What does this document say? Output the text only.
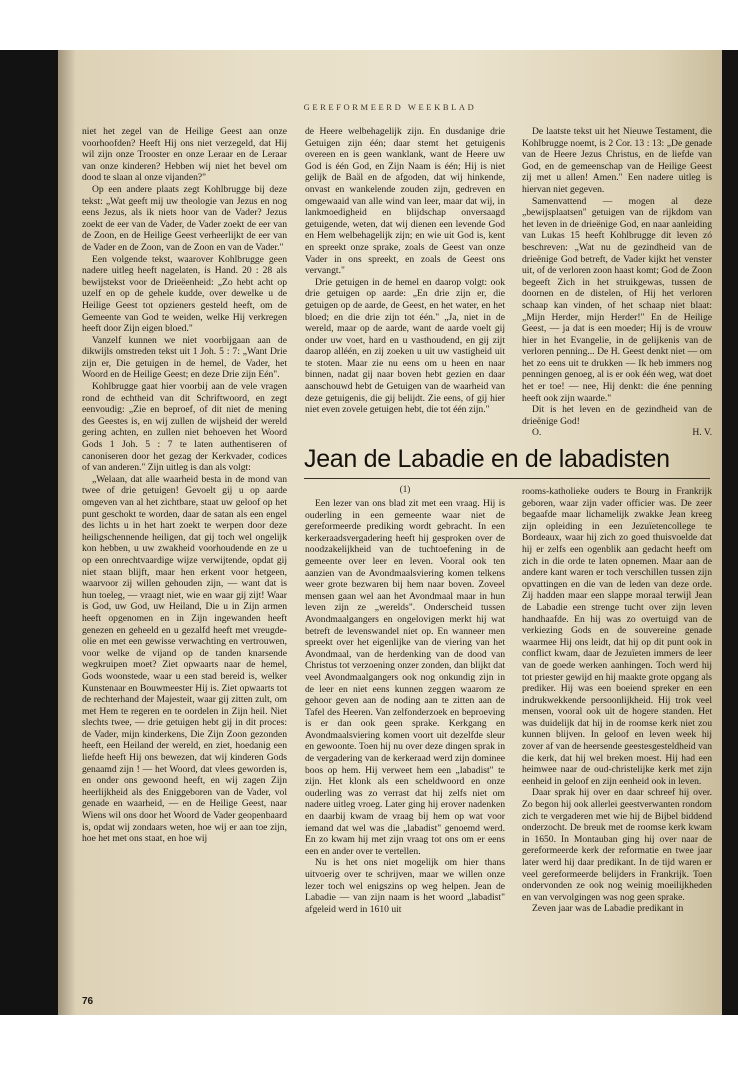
GEREFORMEERD WEEKBLAD

niet het zegel van de Heilige Geest aan onze voorhoofden? Heeft Hij ons niet verzegeld, dat Hij wil zijn onze Trooster en onze Leraar en de Leraar van onze kinderen? Hebben wij niet het bevel om dood te slaan al onze vijanden?"

Op een andere plaats zegt Kohlbrugge bij deze tekst: „Wat geeft mij uw theologie van Jezus en nog eens Jezus, als ik niets hoor van de Vader? Jezus zoekt de eer van de Vader, de Vader zoekt de eer van de Zoon, en de Heilige Geest verheerlijkt de eer van de Vader en de Zoon, van de Zoon en van de Vader."

Een volgende tekst, waarover Kohlbrugge geen nadere uitleg heeft nagelaten, is Hand. 20 : 28 als bewijstekst voor de Drieëenheid: „Zo hebt acht op uzelf en op de gehele kudde, over dewelke u de Heilige Geest tot opzieners gesteld heeft, om de Gemeente van God te weiden, welke Hij verkregen heeft door Zijn eigen bloed."

Vanzelf kunnen we niet voorbijgaan aan de dikwijls omstreden tekst uit 1 Joh. 5 : 7: „Want Drie zijn er, Die getuigen in de hemel, de Vader, het Woord en de Heilige Geest; en deze Drie zijn Eén".

Kohlbrugge gaat hier voorbij aan de vele vragen rond de echtheid van dit Schriftwoord, en zegt eenvoudig: „Zie en beproef, of dit niet de mening des Geestes is, en wij zullen de wijsheid der wereld gering achten, en zullen niet behoeven het Woord Gods 1 Joh. 5 : 7 te laten authentiseren of canoniseren door het gezag der Kerkvader, codices of van anderen." Zijn uitleg is dan als volgt:

„Welaan, dat alle waarheid besta in de mond van twee of drie getuigen! Gevoelt gij u op aarde omgeven van al het zichtbare, staat uw geloof op het punt geschokt te worden, daar de satan als een engel des lichts u in het hart zoekt te werpen door deze heiligschennende heiligen, dat gij toch wel ongelijk kon hebben, u uw zwakheid voorhoudende en ze u op een onrechtvaardige wijze verwijtende, opdat gij niet staan blijft, maar hen erkent voor hetgeen, waarvoor zij willen gehouden zijn, — want dat is hun toeleg, — vraagt niet, wie en waar gij zijt! Waar is God, uw God, uw Heiland, Die u in Zijn armen heeft opgenomen en in Zijn ingewanden heeft genezen en geheeld en u gezalfd heeft met vreugde-olie en met een gewisse verwachting en vertrouwen, voor welke de vijand op de tanden knarsende wegkruipen moet? Ziet opwaarts naar de hemel, Gods woonstede, waar u een stad bereid is, welker Kunstenaar en Bouwmeester Hij is. Ziet opwaarts tot de rechterhand der Majesteit, waar gij zitten zult, om met Hem te regeren en te oordelen in Zijn heil. Niet slechts twee, — drie getuigen hebt gij in dit proces: de Vader, mijn kinderkens, Die Zijn Zoon gezonden heeft, een Heiland der wereld, en ziet, hoedanig een liefde heeft Hij ons bewezen, dat wij kinderen Gods genaamd zijn ! — het Woord, dat vlees geworden is, en onder ons gewoond heeft, en wij zagen Zijn heerlijkheid als des Eniggeboren van de Vader, vol genade en waarheid, — en de Heilige Geest, naar Wiens wil ons door het Woord de Vader geopenbaard is, opdat wij zondaars weten, hoe wij er aan toe zijn, hoe het met ons staat, en hoe wij

de Heere welbehagelijk zijn. En dusdanige drie Getuigen zijn één; daar stemt het getuigenis overeen en is geen wanklank, want de Heere uw God is één God, en Zijn Naam is één; Hij is niet gelijk de Baäl en de afgoden, dat wij hinkende, onvast en wankelende zouden zijn, gedreven en omgewaaid van alle wind van leer, maar dat wij, in lankmoedigheid en blijdschap onversaagd getuigende, weten, dat wij dienen een levende God en Hem welbehagelijk zijn; en wie uit God is, kent en spreekt onze sprake, zoals de Geest van onze Vader in ons spreekt, en zoals de Geest ons vervangt."

Drie getuigen in de hemel en daarop volgt: ook drie getuigen op aarde: „En drie zijn er, die getuigen op de aarde, de Geest, en het water, en het bloed; en die drie zijn tot één." „Ja, niet in de wereld, maar op de aarde, want de aarde voelt gij onder uw voet, hard en u vasthoudend, en gij zijt daarop alléén, en zij zoeken u uit uw vastigheid uit te stoten. Maar zie nu eens om u heen en naar binnen, nadat gij naar boven hebt gezien en daar aanschouwd hebt de Getuigen van de waarheid van deze getuigenis, die gij belijdt. Zie eens, of gij hier niet even zovele getuigen hebt, die tot één zijn."

De laatste tekst uit het Nieuwe Testament, die Kohlbrugge noemt, is 2 Cor. 13 : 13: „De genade van de Heere Jezus Christus, en de liefde van God, en de gemeenschap van de Heilige Geest zij met u allen! Amen." Een nadere uitleg is hiervan niet gegeven.

Samenvattend — mogen al deze „bewijsplaatsen" getuigen van de rijkdom van het leven in de drieënige God, en naar aanleiding van Lukas 15 heeft Kohlbrugge dit leven zó beschreven: „Wat nu de gezindheid van de drieënige God betreft, de Vader kijkt het venster uit, of de verloren zoon haast komt; God de Zoon begeeft Zich in het struikgewas, tussen de doornen en de distelen, of Hij het verloren schaap kan vinden, of het schaap niet blaat: „Mijn Herder, mijn Herder!" En de Heilige Geest, — ja dat is een moeder; Hij is de vrouw hier in het Evangelie, in de gelijkenis van de verloren penning... De H. Geest denkt niet — om het zo eens uit te drukken — Ik heb immers nog penningen genoeg, al is er ook één weg, wat doet het er toe! — nee, Hij denkt: die éne penning heeft ook zijn waarde."

Dit is het leven en de gezindheid van de drieënige God!

O.	H. V.

Jean de Labadie en de labadisten
(1)

Een lezer van ons blad zit met een vraag. Hij is ouderling in een gemeente waar niet de gereformeerde prediking wordt gebracht. In een kerkeraadsvergadering heeft hij gesproken over de noodzakelijkheid van de tuchtoefening in de gemeente over leer en leven. Vooral ook ten aanzien van de Avondmaalsviering komen telkens weer grote bezwaren bij hem naar boven. Zoveel mensen gaan wel aan het Avondmaal maar in hun leven zijn ze „werelds". Onderscheid tussen Avondmaalgangers en ongelovigen merkt hij wat betreft de levenswandel niet op. En wanneer men spreekt over het eigenlijke van de viering van het Avondmaal, van de herdenking van de dood van Christus tot verzoening onzer zonden, dan blijkt dat veel Avondmaalgangers ook nog onkundig zijn in de leer en niet eens kunnen zeggen waarom ze gehoor geven aan de noding aan te zitten aan de Tafel des Heeren. Van zelfonderzoek en beproeving is er dan ook geen sprake. Kerkgang en Avondmaalsviering komen voort uit dezelfde sleur en gewoonte. Toen hij nu over deze dingen sprak in de vergadering van de kerkeraad werd zijn dominee boos op hem. Hij verweet hem een „labadist" te zijn. Het klonk als een scheldwoord en onze ouderling was zo verrast dat hij zelfs niet om nadere uitleg vroeg. Later ging hij erover nadenken en daarbij kwam de vraag bij hem op wat voor iemand dat wel was die „labadist" genoemd werd. En zo kwam hij met zijn vraag tot ons om er eens een en ander over te vertellen.

Nu is het ons niet mogelijk om hier thans uitvoerig over te schrijven, maar we willen onze lezer toch wel enigszins op weg helpen. Jean de Labadie — van zijn naam is het woord „labadist" afgeleid werd in 1610 uit

rooms-katholieke ouders te Bourg in Frankrijk geboren, waar zijn vader officier was. De zeer begaafde maar lichamelijk zwakke Jean kreeg zijn opleiding in een Jezuïetencollege te Bordeaux, waar hij zich zo goed thuisvoelde dat hij er zelfs een ogenblik aan gedacht heeft om zich in die orde te laten opnemen. Maar aan de andere kant waren er toch verschillen tussen zijn opvattingen en die van de leden van deze orde. Zij hadden maar een slappe moraal terwijl Jean de Labadie een strenge tucht over zijn leven handhaafde. En hij was zo overtuigd van de verkiezing Gods en de souvereine genade waarmee Hij ons leidt, dat hij op dit punt ook in conflict kwam, daar de Jezuïeten immers de leer van de goede werken aanhingen. Toch werd hij tot priester gewijd en hij maakte grote opgang als prediker. Hij was een boeiend spreker en een indrukwekkende persoonlijkheid. Hij trok veel mensen, vooral ook uit de hogere standen. Het was duidelijk dat hij in de roomse kerk niet zou kunnen blijven. In geloof en leven week hij zover af van de heersende geestesgesteldheid van die kerk, dat hij wel breken moest. Hij had een heimwee naar de oud-christelijke kerk met zijn eenheid in geloof en zijn eenheid ook in leven.

Daar sprak hij over en daar schreef hij over. Zo begon hij ook allerlei geestverwanten rondom zich te vergaderen met wie hij de Bijbel biddend onderzocht. De breuk met de roomse kerk kwam in 1650. In Montauban ging hij over naar de gereformeerde kerk der reformatie en twee jaar later werd hij daar predikant. In de tijd waren er veel gereformeerde belijders in Frankrijk. Toen ondervonden ze ook nog weinig moeilijkheden en van vervolgingen was nog geen sprake.

Zeven jaar was de Labadie predikant in

76
